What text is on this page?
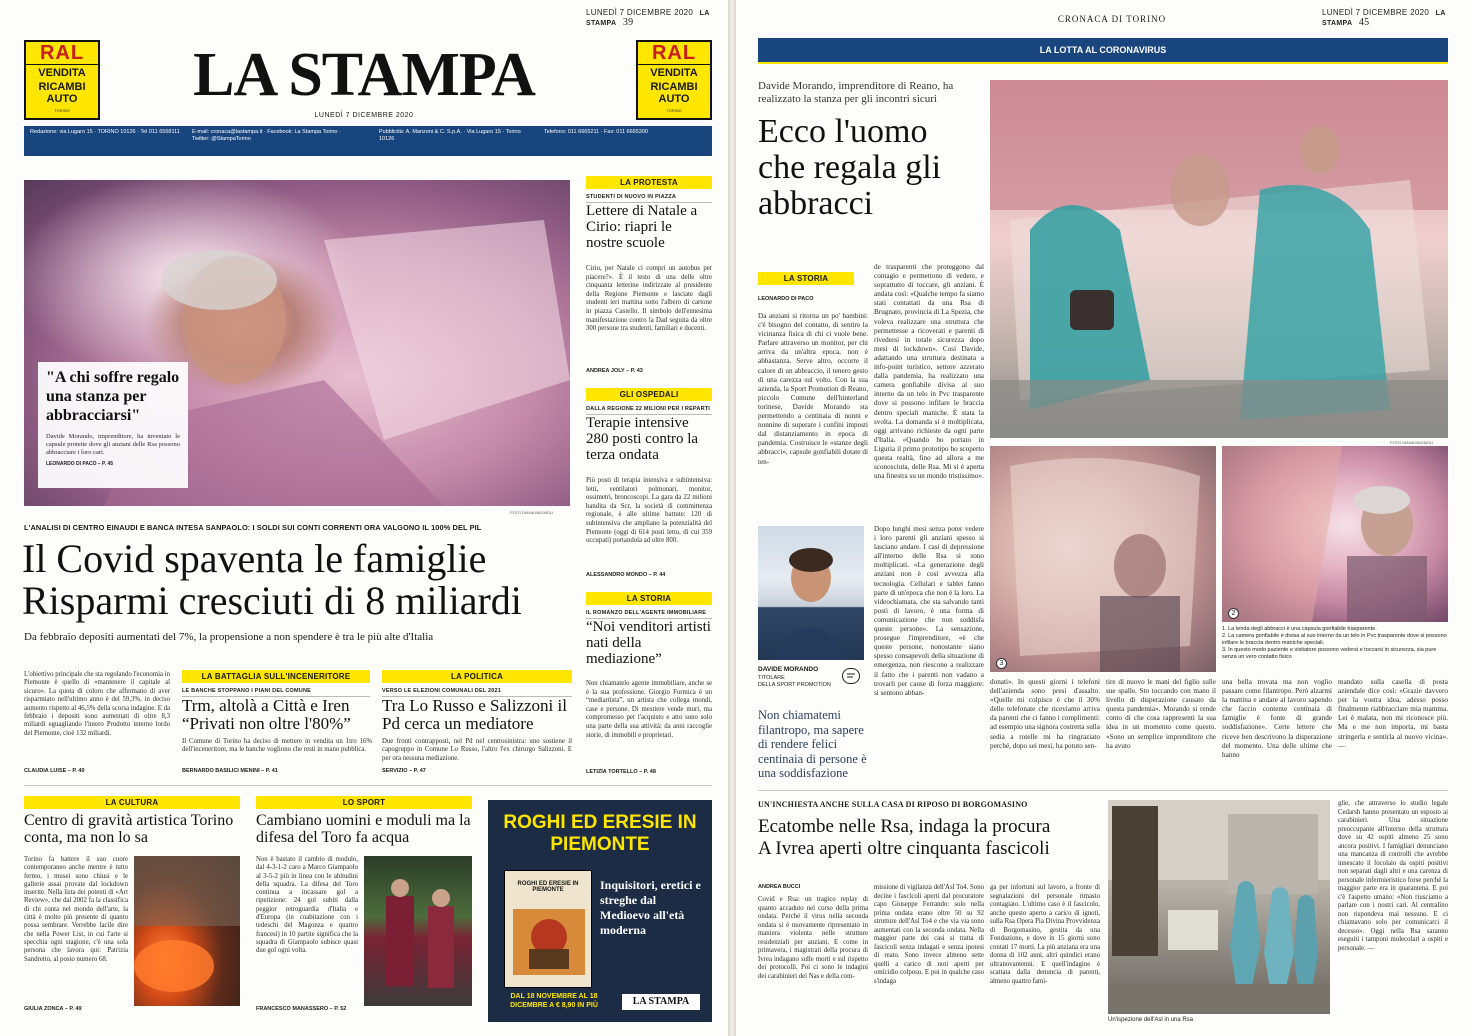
LUNEDÌ 7 DICEMBRE 2020 LA STAMPA 39
RAL
VENDITA
RICAMBI AUTO
TORINO
LA STAMPA
LUNEDÌ 7 DICEMBRE 2020
RAL
VENDITA
RICAMBI AUTO
TORINO
Redazione: via Lugaro 15 · TORINO 10126 · Tel 011 6568111 E-mail: cronaca@lastampa.it · Facebook: La Stampa Torino · Twitter: @StampaTorino
Pubblicità: A. Manzoni & C. S.p.A. · Via Lugaro 15 · Torino 10126
Telefono: 011 6665211 · Fax: 011 6665300
"A chi soffre regalo una stanza per abbracciarsi"
Davide Morando, imprenditore, ha inventato le capsule protette dove gli anziani delle Rsa possono abbracciare i loro cari.
LEONARDO DI PACO – P. 45
FOTO DIANA BAGNOLI
LA PROTESTA
STUDENTI DI NUOVO IN PIAZZA
Lettere di Natale a Cirio: riapri le nostre scuole
Cirio, per Natale ci compri un autobus per piacere?». È il testo di una delle oltre cinquanta letterine indirizzate al presidente della Regione Piemonte e lasciate dagli studenti ieri mattina sotto l'albero di cartone in piazza Castello. Il simbolo dell'ennesima manifestazione contro la Dad seguita da oltre 300 persone tra studenti, familiari e docenti.
ANDREA JOLY – P. 43
GLI OSPEDALI
DALLA REGIONE 22 MILIONI PER I REPARTI
Terapie intensive 280 posti contro la terza ondata
Più posti di terapia intensiva e subintensiva: letti, ventilatori polmonari, monitor, ossimetri, broncoscopi. La gara da 22 milioni bandita da Scr, la società di committenza regionale, è alle ultime battute: 120 di subintensiva che ampliano la potenzialità del Piemonte (oggi di 614 posti letto, di cui 359 occupati) portandola ad oltre 800.
ALESSANDRO MONDO – P. 44
LA STORIA
IL ROMANZO DELL'AGENTE IMMOBILIARE
“Noi venditori artisti nati della mediazione”
Non chiamatelo agente immobiliare, anche se è la sua professione. Giorgio Formica è un “mediartista”, un artista che collega mondi, case e persone. Di mestiere vende muri, ma compromesso per l'acquisto e atto sono solo una parte della sua attività: da anni raccoglie storie, di immobili e proprietari.
LETIZIA TORTELLO – P. 48
L'ANALISI DI CENTRO EINAUDI E BANCA INTESA SANPAOLO: I SOLDI SUI CONTI CORRENTI ORA VALGONO IL 100% DEL PIL
Il Covid spaventa le famiglie
Risparmi cresciuti di 8 miliardi
Da febbraio depositi aumentati del 7%, la propensione a non spendere è tra le più alte d'Italia
L'obiettivo principale che sta regolando l'economia in Piemonte è quello di «mantenere il capitale al sicuro». La quota di coloro che affermano di aver risparmiato nell'ultimo anno è del 59,3%, in deciso aumento rispetto al 46,5% della scorsa indagine. E da febbraio i depositi sono aumentati di oltre 8,3 miliardi eguagliando l'intero Prodotto interno lordo del Piemonte, cioè 132 miliardi.
CLAUDIA LUISE – P. 40
LA BATTAGLIA SULL'INCENERITORE
LE BANCHE STOPPANO I PIANI DEL COMUNE
Trm, altolà a Città e Iren “Privati non oltre l'80%”
Il Comune di Torino ha deciso di mettere in vendita un 1trо 16% dell'inceneritore, ma le banche vogliono che resti in mano pubblica.
BERNARDO BASILICI MENINI – P. 41
LA POLITICA
VERSO LE ELEZIONI COMUNALI DEL 2021
Tra Lo Russo e Salizzoni il Pd cerca un mediatore
Due fronti contrapposti, nel Pd nel centrosinistra: uno sostiene il capogruppo in Comune Lo Russo, l'altro l'ex chirurgo Salizzoni. E per ora nessuna mediazione.
SERVIZIO – P. 47
LA CULTURA
Centro di gravità artistica Torino conta, ma non lo sa
Torino fa battere il suo cuore contemporaneo anche mentre è tutto fermo, i musei sono chiusi e le gallerie assai provate dal lockdown inserite. Nella lista dei potenti di «Art Review», che dal 2002 fa la classifica di chi conta nel mondo dell'arte, la città è molto più presente di quanto possa sembrare. Verrebbe facile dire che nella Power List, in cui l'arte si specchia ogni stagione, c'è una sola persona che lavora qui: Patrizia Sandretto, al posto numero 68.
GIULIA ZONCA – P. 49
LO SPORT
Cambiano uomini e moduli ma la difesa del Toro fa acqua
Non è bastato il cambio di modulo, dal 4-3-1-2 caro a Marco Giampaolo al 3-5-2 più in linea con le abitudini della squadra. La difesa del Toro continua a incassare gol a ripetizione: 24 gol subiti dalla peggior retroguardia d'Italia e d'Europa (in coabitazione con i tedeschi del Magonza e quattro francesi) in 10 partite significa che la squadra di Giampaolo subisce quasi due gol ogni volta.
FRANCESCO MANASSERO – P. 52
ROGHI ED ERESIE IN PIEMONTE
ROGHI ED ERESIE IN PIEMONTE	Inquisitori, eretici e streghe dal Medioevo all'età moderna
DAL 18 NOVEMBRE AL 18 DICEMBRE A € 8,90 IN PIÙ	LA STAMPA
CRONACA DI TORINO
LUNEDÌ 7 DICEMBRE 2020 LA STAMPA 45
LA LOTTA AL CORONAVIRUS
Davide Morando, imprenditore di Reano, ha realizzato la stanza per gli incontri sicuri
Ecco l'uomo che regala gli abbracci
FOTO DIANA BAGNOLI
3
2
1. La tenda degli abbracci è una capsula gonfiabile trasparente.
2. La camera gonfiabile è divisa al suo interno da un telo in Pvc trasparente dove si possono infilare le braccia dentro maniche speciali.
3. In questo modo paziente e visitatore possono vedersi e toccarsi in sicurezza, sia pure senza un vero contatto fisico
LA STORIA
LEONARDO DI PACO
Da anziani si ritorna un po' bambini: c'è bisogno del contatto, di sentire la vicinanza fisica di chi ci vuole bene. Parlare attraverso un monitor, per chi arriva da un'altra epoca, non è abbastanza. Serve altro, occorre il calore di un abbraccio, il tenero gesto di una carezza sul volto. Con la sua azienda, la Sport Promotion di Reano, piccolo Comune dell'hinterland torinese, Davide Morando sta permettendo a centinaia di nonni e nonnine di superare i confini imposti dal distanziamento in epoca di pandemia. Costruisce le «stanze degli abbracci», capsule gonfiabili dotate di ten-
de trasparenti che proteggono dal contagio e permettono di vedere, e soprattutto di toccare, gli anziani. È andata così: «Qualche tempo fa siamo stati contattati da una Rsa di Brugnato, provincia di La Spezia, che voleva realizzare una struttura che permettesse a ricoverati e parenti di rivedersi in totale sicurezza dopo mesi di lockdown». Così Davide, adattando una struttura destinata a info-point turistico, settore azzerato dalla pandemia, ha realizzato una camera gonfiabile divisa al suo interno da un telo in Pvc trasparente dove si possono infilare le braccia dentro speciali maniche. È stata la svolta. La domanda si è moltiplicata, oggi arrivano richieste da ogni parte d'Italia. «Quando ho portato in Liguria il primo prototipo ho scoperto questa realtà, fino ad allora a me sconosciuta, delle Rsa. Mi si è aperta una finestra su un mondo tristissimo».
DAVIDE MORANDO
TITOLARE
DELLA SPORT PROMOTION
Non chiamatemi filantropo, ma sapere di rendere felici centinaia di persone è una soddisfazione
Dopo lunghi mesi senza poter vedere i loro parenti gli anziani spesso si lasciano andare. I casi di depressione all'interno delle Rsa si sono moltiplicati. «La generazione degli anziani non è così avvezza alla tecnologia. Cellulari e tablet fanno parte di un'epoca che non è la loro. La videochiamata, che sta salvando tanti posti di lavoro, è una forma di comunicazione che non soddisfa queste persone». La sensazione, prosegue l'imprenditore, «è che queste persone, nonostante siano spesso consapevoli della situazione di emergenza, non riescono a realizzare il fatto che i parenti non vadano a trovarli per cause di forza maggiore: si sentono abban-
donati». In questi giorni i telefoni dell'azienda sono presi d'assalto. «Quelle mi colpisce è che il 30% delle telefonate che riceviamo arriva da parenti che ci fanno i complimenti: ad esempio una signora costretta sulla sedia a rotelle mi ha ringraziato perché, dopo sei mesi, ha potuto sen-
tire di nuovo le mani del figlio sulle sue spalle. Sto toccando con mano il livello di disperazione causato da questa pandemia». Morando si rende conto di che cosa rappresenti la sua idea in un momento come questo. «Sono un semplice imprenditore che ha avuto
una bella trovata ma non voglio passare come filantropo. Però alzarmi la mattina e andare al lavoro sapendo che faccio contente centinaia di famiglie è fonte di grande soddisfazione». Certe lettere che riceve ben descrivono la disperazione del momento. Una delle ultime che hanno
mandato sulla casella di posta aziendale dice così: «Grazie davvero per la vostra idea, adesso posso finalmente riabbracciare mia mamma. Lei è malata, non mi riconosce più. Ma e me non importa, mi basta stringerla e sentirla al nuovo vicina». —
UN'INCHIESTA ANCHE SULLA CASA DI RIPOSO DI BORGOMASINO
Ecatombe nelle Rsa, indaga la procura
A Ivrea aperti oltre cinquanta fascicoli
ANDREA BUCCI
Covid e Rsa: un tragico replay di quanto accaduto nel corso della prima ondata. Perché il virus nella seconda ondata si è nuovamente ripresentato in maniera violenta nelle strutture residenziali per anziani. E come in primavera, i magistrati della procura di Ivrea indagano sulle morti e sul rispetto dei protocolli. Poi ci sono le indagini dei carabinieri dei Nas e della com-
missione di vigilanza dell'Asl To4. Sono decine i fascicoli aperti dal procuratore capo Giuseppe Ferrando: solo nella prima ondata erano oltre 50 su 92 strutture dell'Asl To4 e che via via sono aumentati con la seconda ondata. Nella maggior parte dei casi si tratta di fascicoli senza indagati e senza ipotesi di reato. Sono invece almeno sette quelli a carico di noti aperti per omicidio colposo. E poi in qualche caso s'indaga
ga per infortuni sul lavoro, a fronte di segnalazioni del personale rimasto contagiato. L'ultimo caso è il fascicolo, anche questo aperto a carico di ignoti, sulla Rsa Opera Pia Divina Provvidenza di Borgomasino, gestita da una Fondazione, e dove in 15 giorni sono contati 17 morti. La più anziana era una donna di 102 anni, altri quindici erano ultranovantenni. E quell'indagine è scattata dalla denuncia di parenti, almeno quattro fami-
Un'ispezione dell'Asl in una Rsa
glie, che attraverso lo studio legale Cedarsh hanno presentato un esposto ai carabinieri. Una situazione preoccupante all'interno della struttura dove su 42 ospiti almeno 25 sono ancora positivi. I famigliari denunciano una mancanza di controlli che avrebbe innescato il focolaio da ospiti positivi non separati dagli altri e una carenza di personale infermieristico forse perché la maggior parte era in quarantena. E poi c'è l'aspetto umano: «Non riusciamo a parlare con i nostri cari. Al centralino non rispondeva mai nessuno. E ci chiamavano solo per comunicarci il decesso». Oggi nella Rsa saranno eseguiti i tamponi molecolari a ospiti e personale. —
